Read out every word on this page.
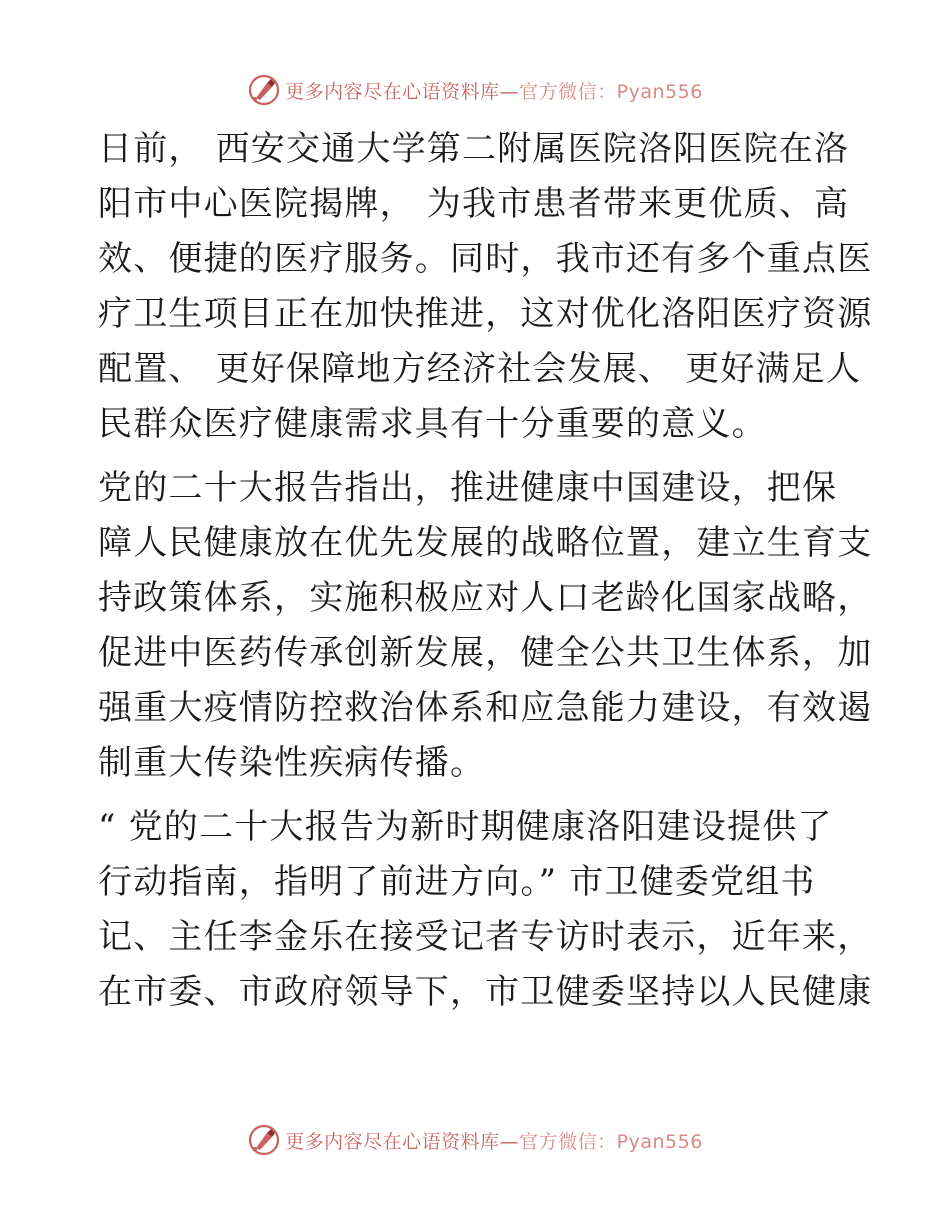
更多内容尽在心语资料库—官方微信：Pyan556

日前， 西安交通大学第二附属医院洛阳医院在洛
阳市中心医院揭牌， 为我市患者带来更优质、高
效、便捷的医疗服务。同时，我市还有多个重点医
疗卫生项目正在加快推进，这对优化洛阳医疗资源
配置、 更好保障地方经济社会发展、 更好满足人
民群众医疗健康需求具有十分重要的意义。

党的二十大报告指出，推进健康中国建设，把保
障人民健康放在优先发展的战略位置，建立生育支
持政策体系，实施积极应对人口老龄化国家战略，
促进中医药传承创新发展，健全公共卫生体系，加
强重大疫情防控救治体系和应急能力建设，有效遏
制重大传染性疾病传播。

“ 党的二十大报告为新时期健康洛阳建设提供了
行动指南，指明了前进方向。” 市卫健委党组书
记、主任李金乐在接受记者专访时表示，近年来，
在市委、市政府领导下，市卫健委坚持以人民健康

更多内容尽在心语资料库—官方微信：Pyan556
